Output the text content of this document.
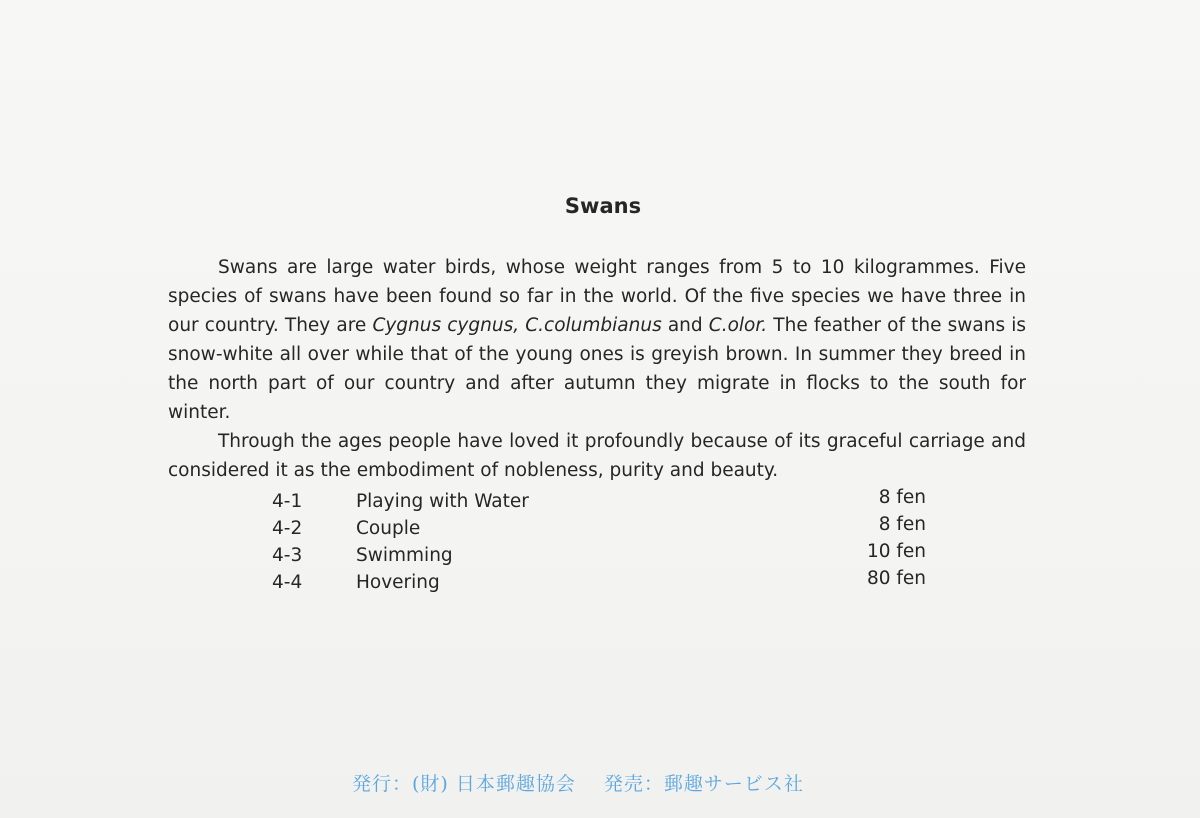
Swans

Swans are large water birds, whose weight ranges from 5 to 10 kilogrammes. Five species of swans have been found so far in the world. Of the five species we have three in our country. They are Cygnus cygnus, C.columbianus and C.olor. The feather of the swans is snow-white all over while that of the young ones is greyish brown. In summer they breed in the north part of our country and after autumn they migrate in flocks to the south for winter.

Through the ages people have loved it profoundly because of its graceful carriage and considered it as the embodiment of nobleness, purity and beauty.

4-1	Playing with Water	8 fen
4-2	Couple	8 fen
4-3	Swimming	10 fen
4-4	Hovering	80 fen
発行：(財) 日本郵趣協会 発売：郵趣サービス社
